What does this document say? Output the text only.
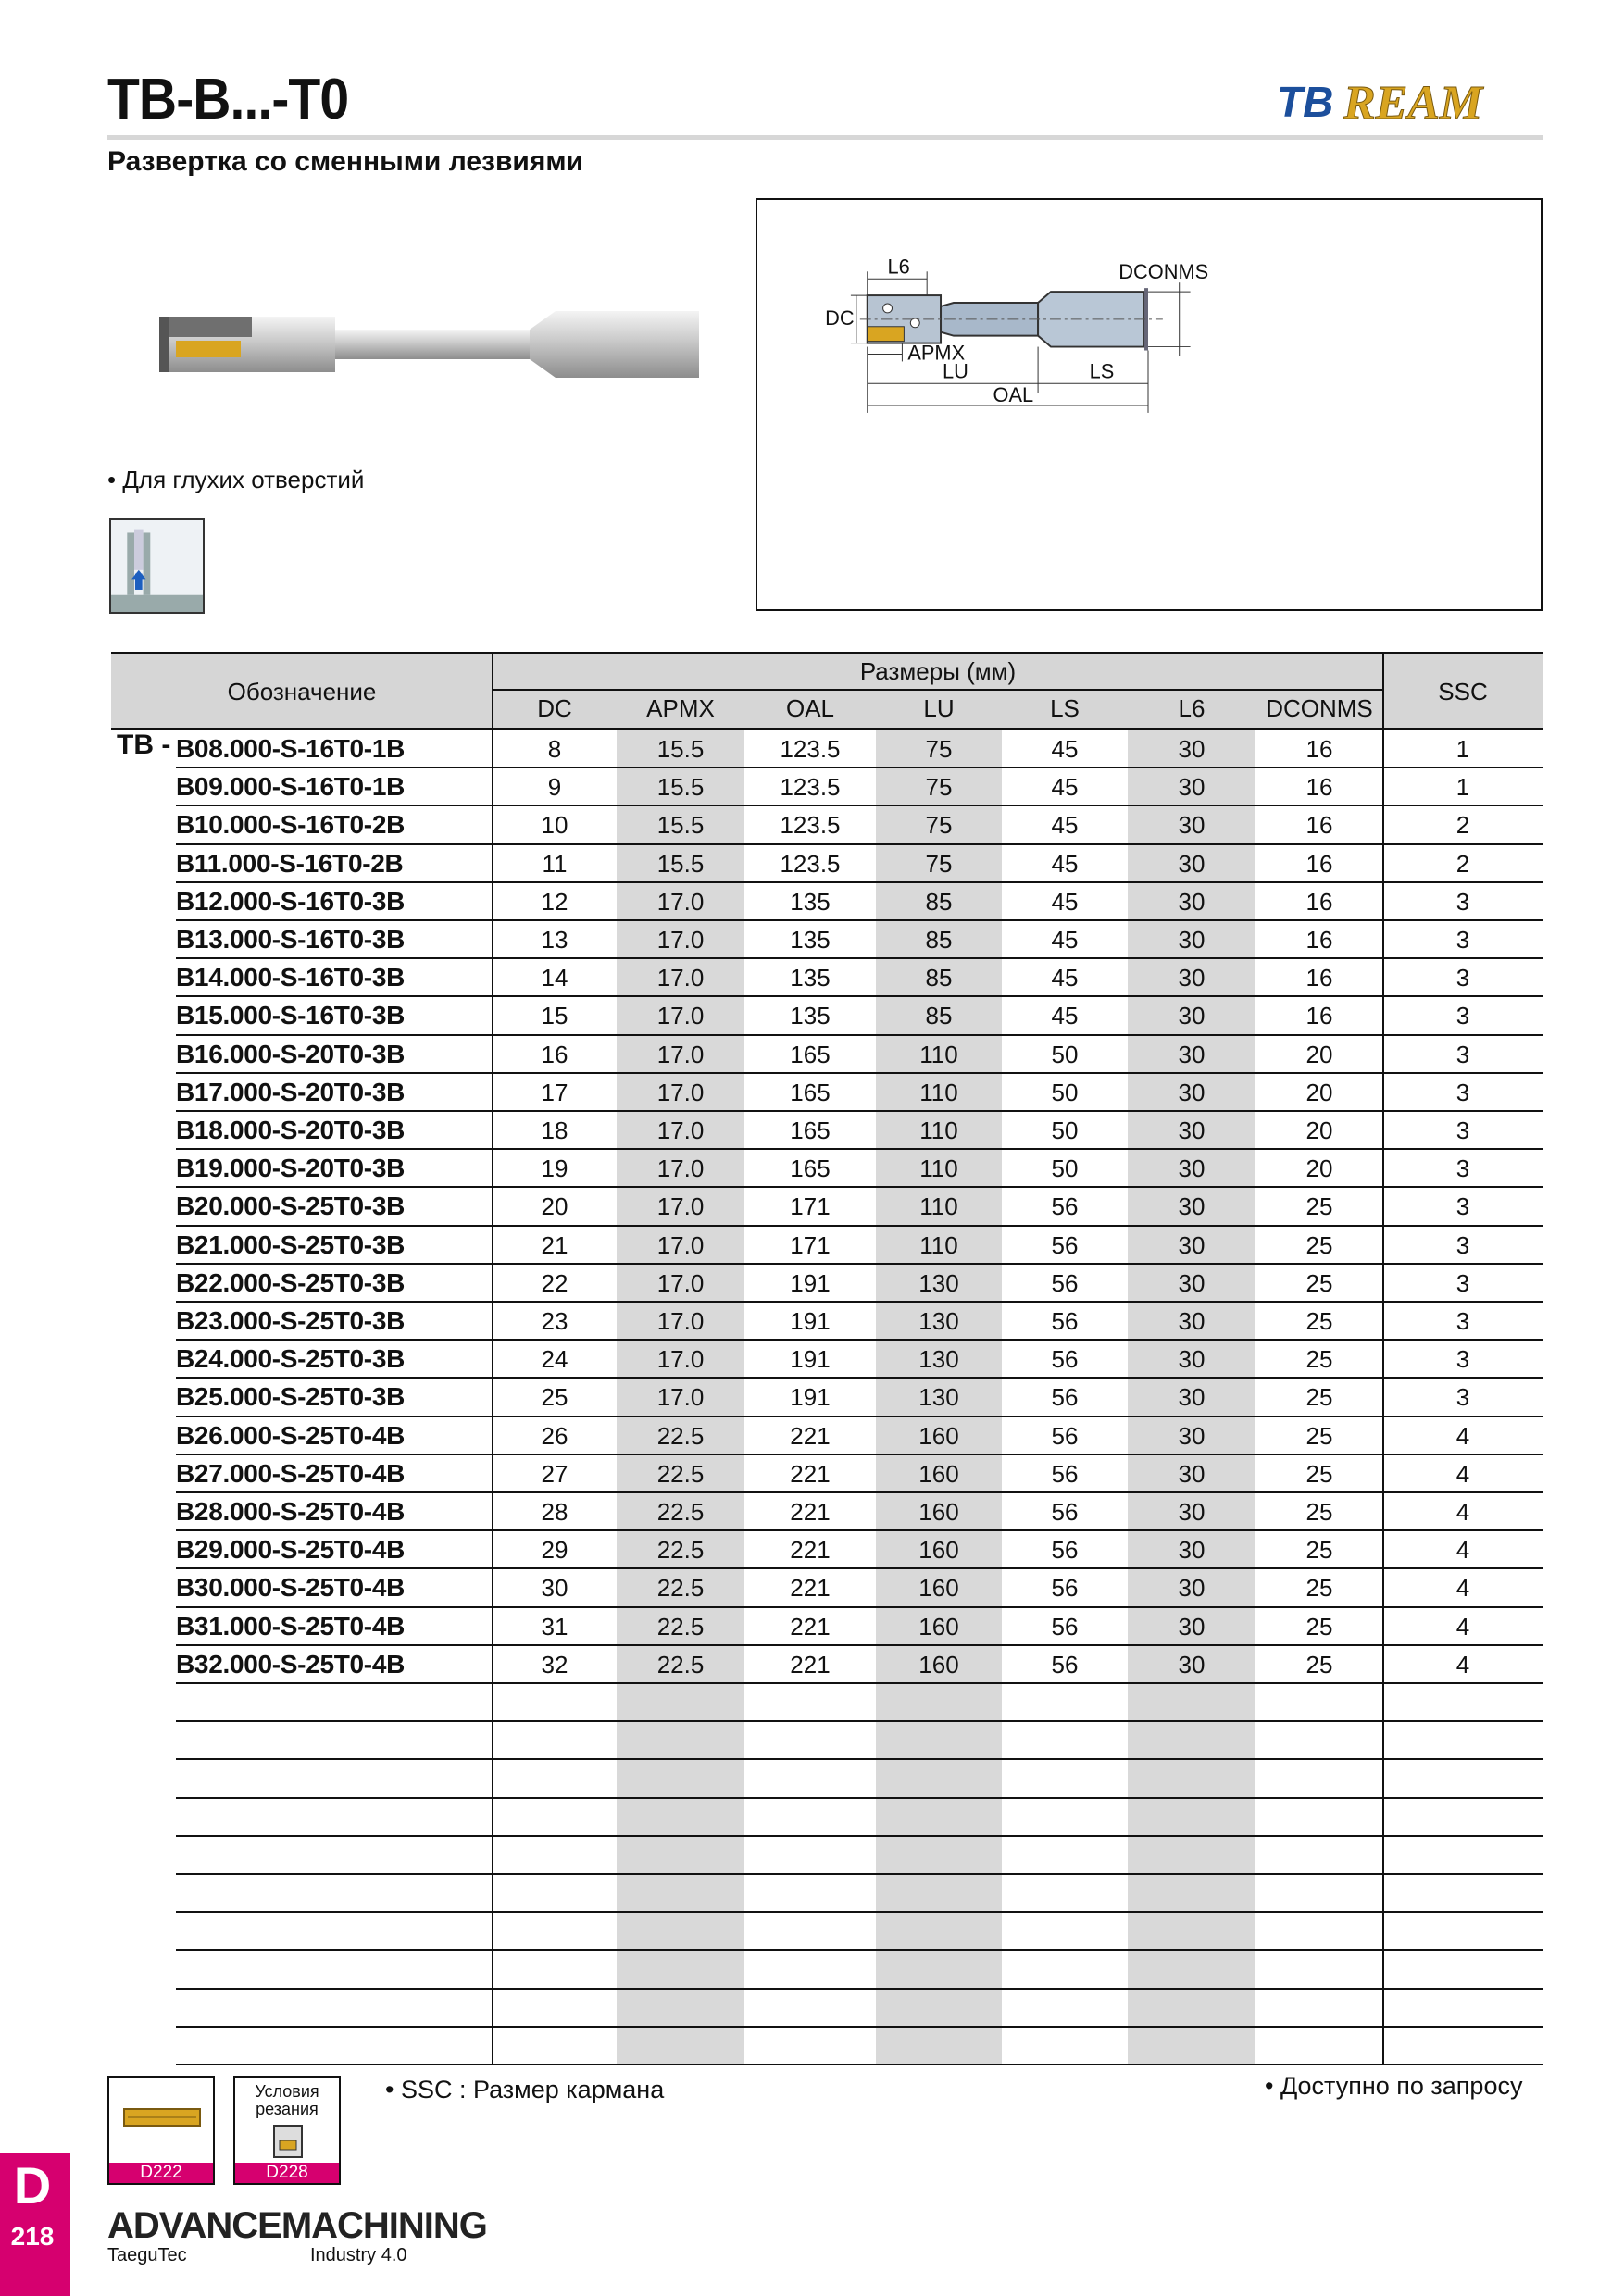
TB-B...-T0	TB REAM
Развертка со сменными лезвиями
• Для глухих отверстий
L6	DCONMS
DC
APMX
LU	LS
OAL
Обозначение
Размеры (мм)
SSC
DC	APMX	OAL	LU	LS	L6	DCONMS
B08.000-S-16T0-1B	8	15.5	123.5	75	45	30	16	1
B09.000-S-16T0-1B	9	15.5	123.5	75	45	30	16	1
B10.000-S-16T0-2B	10	15.5	123.5	75	45	30	16	2
B11.000-S-16T0-2B	11	15.5	123.5	75	45	30	16	2
B12.000-S-16T0-3B	12	17.0	135	85	45	30	16	3
B13.000-S-16T0-3B	13	17.0	135	85	45	30	16	3
B14.000-S-16T0-3B	14	17.0	135	85	45	30	16	3
B15.000-S-16T0-3B	15	17.0	135	85	45	30	16	3
B16.000-S-20T0-3B	16	17.0	165	110	50	30	20	3
B17.000-S-20T0-3B	17	17.0	165	110	50	30	20	3
B18.000-S-20T0-3B	18	17.0	165	110	50	30	20	3
B19.000-S-20T0-3B	19	17.0	165	110	50	30	20	3
B20.000-S-25T0-3B	20	17.0	171	110	56	30	25	3
B21.000-S-25T0-3B	21	17.0	171	110	56	30	25	3
B22.000-S-25T0-3B	22	17.0	191	130	56	30	25	3
B23.000-S-25T0-3B	23	17.0	191	130	56	30	25	3
B24.000-S-25T0-3B	24	17.0	191	130	56	30	25	3
B25.000-S-25T0-3B	25	17.0	191	130	56	30	25	3
B26.000-S-25T0-4B	26	22.5	221	160	56	30	25	4
B27.000-S-25T0-4B	27	22.5	221	160	56	30	25	4
B28.000-S-25T0-4B	28	22.5	221	160	56	30	25	4
B29.000-S-25T0-4B	29	22.5	221	160	56	30	25	4
B30.000-S-25T0-4B	30	22.5	221	160	56	30	25	4
B31.000-S-25T0-4B	31	22.5	221	160	56	30	25	4
B32.000-S-25T0-4B	32	22.5	221	160	56	30	25	4
TB -
D222
Условия резания
D228
• SSC : Размер кармана	• Доступно по запросу
D
218 ADVANCEMACHINING
TaeguTec	Industry 4.0
